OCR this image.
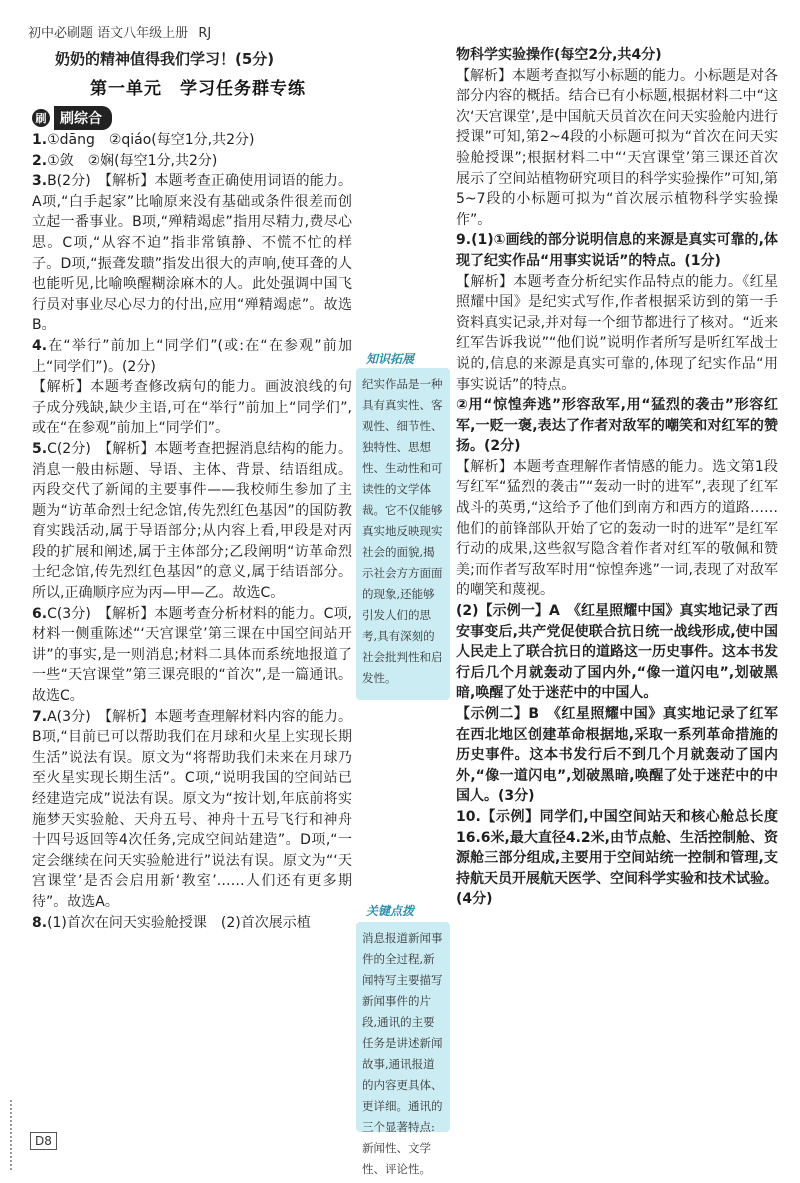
初中必刷题 语文八年级上册 RJ
奶奶的精神值得我们学习！(5分)
第一单元　学习任务群专练
刷 刷综合

1.①dāng　②qiáo(每空1分,共2分)

2.①敛　②娴(每空1分,共2分)

3.B(2分)　【解析】本题考查正确使用词语的能力。A项,“白手起家”比喻原来没有基础或条件很差而创立起一番事业。B项,“殚精竭虑”指用尽精力,费尽心思。C项,“从容不迫”指非常镇静、不慌不忙的样子。D项,“振聋发聩”指发出很大的声响,使耳聋的人也能听见,比喻唤醒糊涂麻木的人。此处强调中国飞行员对事业尽心尽力的付出,应用“殚精竭虑”。故选B。

4.在“举行”前加上“同学们”(或:在“在参观”前加上“同学们”)。(2分)

【解析】本题考查修改病句的能力。画波浪线的句子成分残缺,缺少主语,可在“举行”前加上“同学们”,或在“在参观”前加上“同学们”。

5.C(2分)　【解析】本题考查把握消息结构的能力。消息一般由标题、导语、主体、背景、结语组成。丙段交代了新闻的主要事件——我校师生参加了主题为“访革命烈士纪念馆,传先烈红色基因”的国防教育实践活动,属于导语部分;从内容上看,甲段是对丙段的扩展和阐述,属于主体部分;乙段阐明“访革命烈士纪念馆,传先烈红色基因”的意义,属于结语部分。所以,正确顺序应为丙—甲—乙。故选C。

6.C(3分)　【解析】本题考查分析材料的能力。C项,材料一侧重陈述“‘天宫课堂’第三课在中国空间站开讲”的事实,是一则消息;材料二具体而系统地报道了一些“天宫课堂”第三课亮眼的“首次”,是一篇通讯。故选C。

7.A(3分)　【解析】本题考查理解材料内容的能力。B项,“目前已可以帮助我们在月球和火星上实现长期生活”说法有误。原文为“将帮助我们未来在月球乃至火星实现长期生活”。C项,“说明我国的空间站已经建造完成”说法有误。原文为“按计划,年底前将实施梦天实验舱、天舟五号、神舟十五号飞行和神舟十四号返回等4次任务,完成空间站建造”。D项,“一定会继续在问天实验舱进行”说法有误。原文为“‘天宫课堂’是否会启用新‘教室’……人们还有更多期待”。故选A。

8.(1)首次在问天实验舱授课　(2)首次展示植

知识拓展
纪实作品是一种具有真实性、客观性、细节性、独特性、思想性、生动性和可读性的文学体裁。它不仅能够真实地反映现实社会的面貌,揭示社会方方面面的现象,还能够引发人们的思考,具有深刻的社会批判性和启发性。
关键点拨
消息报道新闻事件的全过程,新闻特写主要描写新闻事件的片段,通讯的主要任务是讲述新闻故事,通讯报道的内容更具体、更详细。通讯的三个显著特点:新闻性、文学性、评论性。

物科学实验操作(每空2分,共4分)

【解析】本题考查拟写小标题的能力。小标题是对各部分内容的概括。结合已有小标题,根据材料二中“这次‘天宫课堂’,是中国航天员首次在问天实验舱内进行授课”可知,第2~4段的小标题可拟为“首次在问天实验舱授课”;根据材料二中“‘天宫课堂’第三课还首次展示了空间站植物研究项目的科学实验操作”可知,第5~7段的小标题可拟为“首次展示植物科学实验操作”。

9.(1)①画线的部分说明信息的来源是真实可靠的,体现了纪实作品“用事实说话”的特点。(1分)

【解析】本题考查分析纪实作品特点的能力。《红星照耀中国》是纪实式写作,作者根据采访到的第一手资料真实记录,并对每一个细节都进行了核对。“近来红军告诉我说”“他们说”说明作者所写是听红军战士说的,信息的来源是真实可靠的,体现了纪实作品“用事实说话”的特点。

②用“惊惶奔逃”形容敌军,用“猛烈的袭击”形容红军,一贬一褒,表达了作者对敌军的嘲笑和对红军的赞扬。(2分)

【解析】本题考查理解作者情感的能力。选文第1段写红军“猛烈的袭击”“轰动一时的进军”,表现了红军战斗的英勇,“这给予了他们到南方和西方的道路……他们的前锋部队开始了它的轰动一时的进军”是红军行动的成果,这些叙写隐含着作者对红军的敬佩和赞美;而作者写敌军时用“惊惶奔逃”一词,表现了对敌军的嘲笑和蔑视。

(2)【示例一】A　《红星照耀中国》真实地记录了西安事变后,共产党促使联合抗日统一战线形成,使中国人民走上了联合抗日的道路这一历史事件。这本书发行后几个月就轰动了国内外,“像一道闪电”,划破黑暗,唤醒了处于迷茫中的中国人。

【示例二】B　《红星照耀中国》真实地记录了红军在西北地区创建革命根据地,采取一系列革命措施的历史事件。这本书发行后不到几个月就轰动了国内外,“像一道闪电”,划破黑暗,唤醒了处于迷茫中的中国人。(3分)

10.【示例】同学们,中国空间站天和核心舱总长度16.6米,最大直径4.2米,由节点舱、生活控制舱、资源舱三部分组成,主要用于空间站统一控制和管理,支持航天员开展航天医学、空间科学实验和技术试验。(4分)

D8
